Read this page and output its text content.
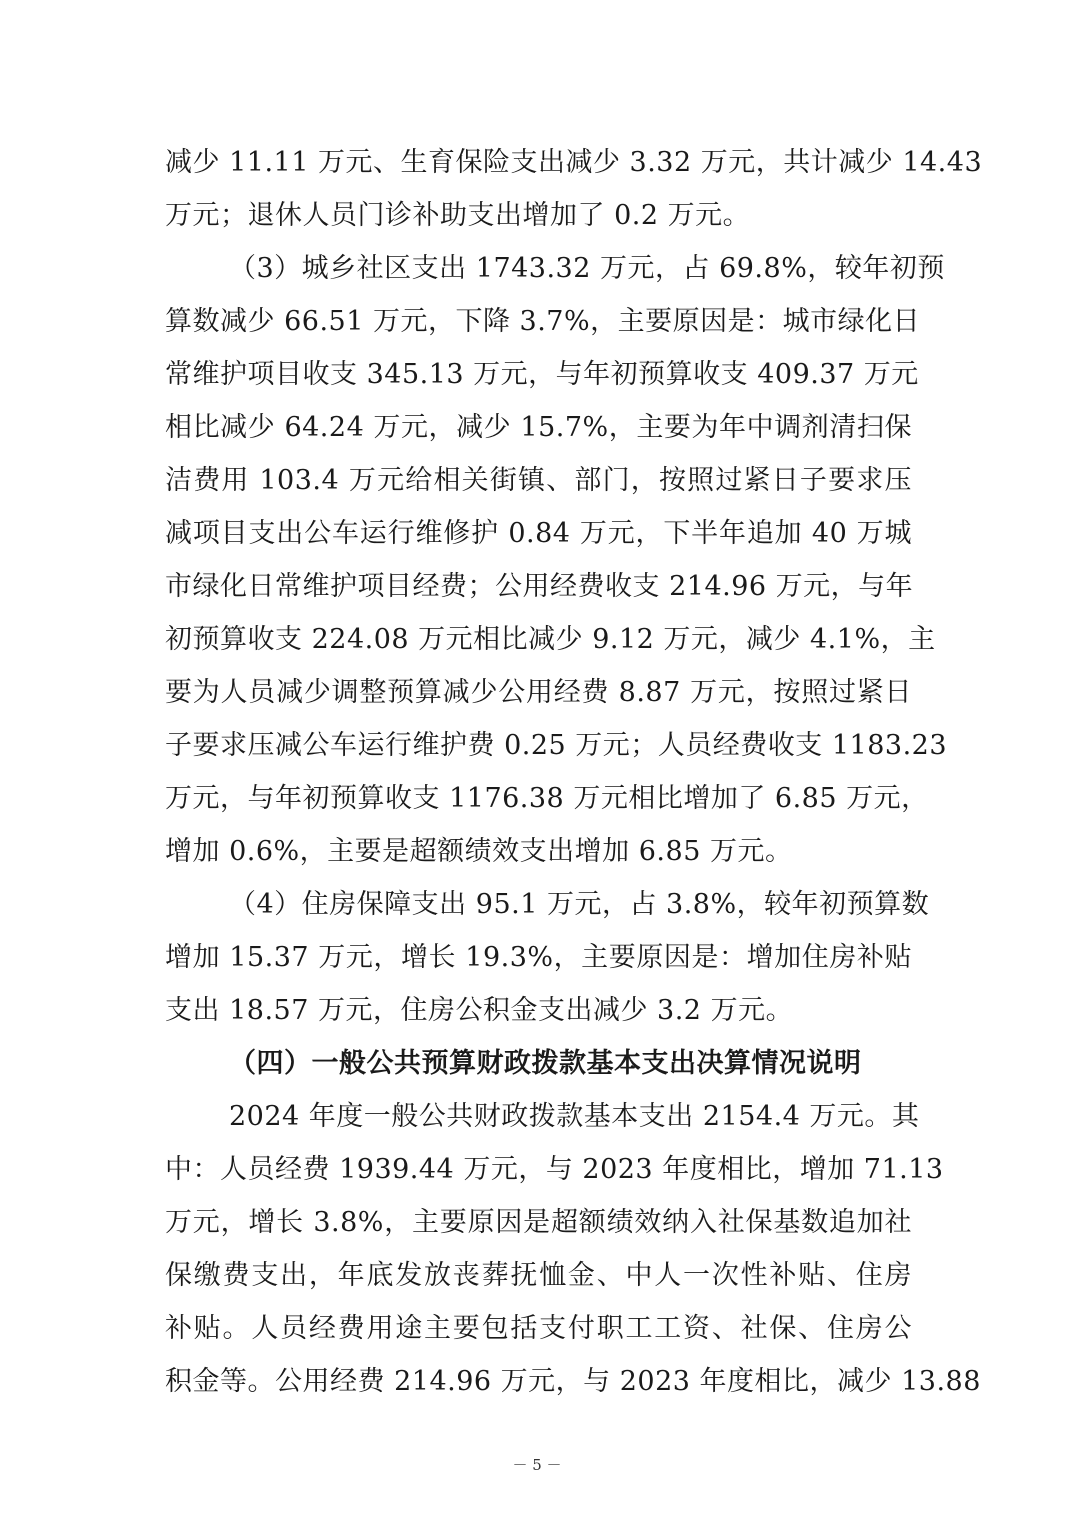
减少 11.11 万元、生育保险支出减少 3.32 万元，共计减少 14.43
万元；退休人员门诊补助支出增加了 0.2 万元。
（3）城乡社区支出 1743.32 万元，占 69.8%，较年初预
算数减少 66.51 万元，下降 3.7%，主要原因是：城市绿化日
常维护项目收支 345.13 万元，与年初预算收支 409.37 万元
相比减少 64.24 万元，减少 15.7%，主要为年中调剂清扫保
洁费用 103.4 万元给相关街镇、部门，按照过紧日子要求压
减项目支出公车运行维修护 0.84 万元，下半年追加 40 万城
市绿化日常维护项目经费；公用经费收支 214.96 万元，与年
初预算收支 224.08 万元相比减少 9.12 万元，减少 4.1%，主
要为人员减少调整预算减少公用经费 8.87 万元，按照过紧日
子要求压减公车运行维护费 0.25 万元；人员经费收支 1183.23
万元，与年初预算收支 1176.38 万元相比增加了 6.85 万元，
增加 0.6%，主要是超额绩效支出增加 6.85 万元。
（4）住房保障支出 95.1 万元，占 3.8%，较年初预算数
增加 15.37 万元，增长 19.3%，主要原因是：增加住房补贴
支出 18.57 万元，住房公积金支出减少 3.2 万元。
（四）一般公共预算财政拨款基本支出决算情况说明
2024 年度一般公共财政拨款基本支出 2154.4 万元。其
中：人员经费 1939.44 万元，与 2023 年度相比，增加 71.13
万元，增长 3.8%，主要原因是超额绩效纳入社保基数追加社
保缴费支出，年底发放丧葬抚恤金、中人一次性补贴、住房
补贴。人员经费用途主要包括支付职工工资、社保、住房公
积金等。公用经费 214.96 万元，与 2023 年度相比，减少 13.88
－ 5 －
